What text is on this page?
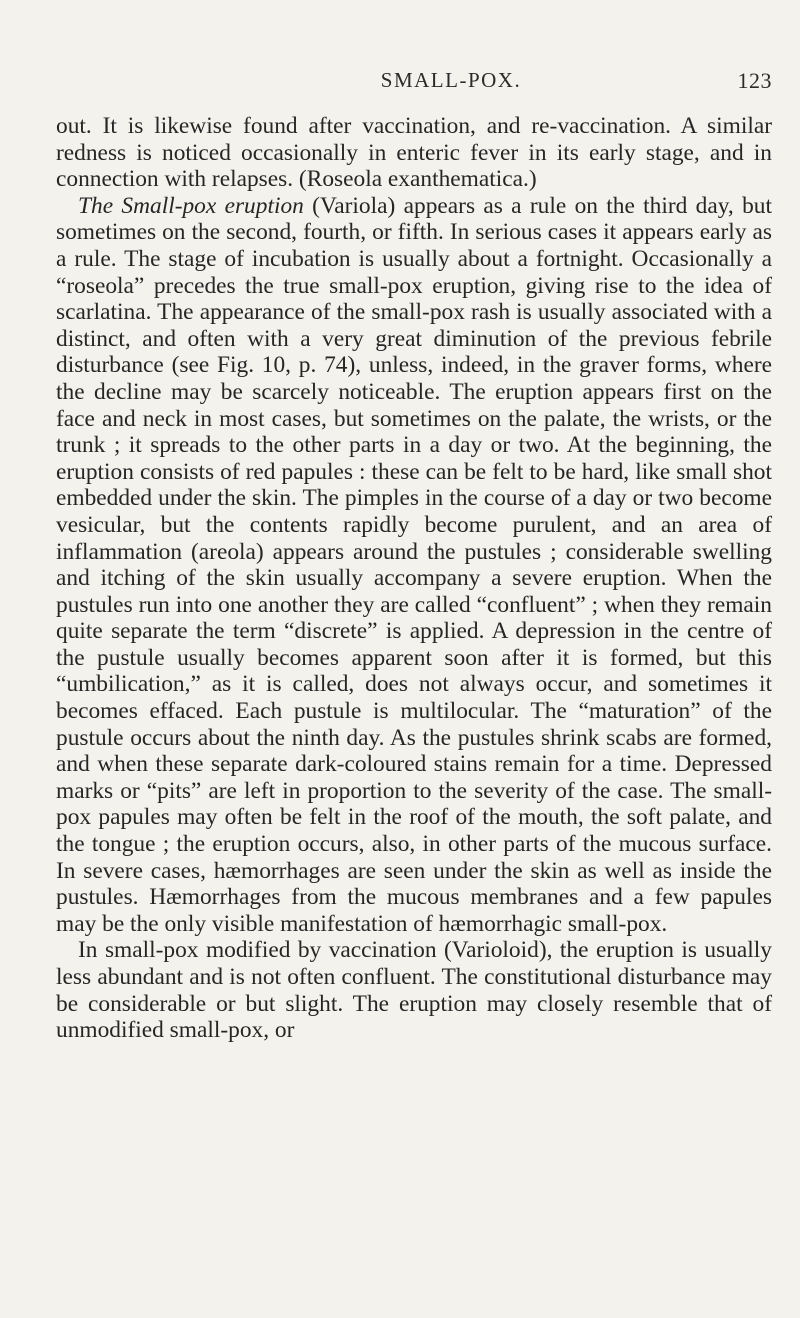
SMALL-POX.	123

out. It is likewise found after vaccination, and re-vaccination. A similar redness is noticed occasionally in enteric fever in its early stage, and in connection with relapses. (Roseola exanthematica.)

The Small-pox eruption (Variola) appears as a rule on the third day, but sometimes on the second, fourth, or fifth. In serious cases it appears early as a rule. The stage of incubation is usually about a fortnight. Occasionally a “roseola” precedes the true small-pox eruption, giving rise to the idea of scarlatina. The appearance of the small-pox rash is usually associated with a distinct, and often with a very great diminution of the previous febrile disturbance (see Fig. 10, p. 74), unless, indeed, in the graver forms, where the decline may be scarcely noticeable. The eruption appears first on the face and neck in most cases, but sometimes on the palate, the wrists, or the trunk ; it spreads to the other parts in a day or two. At the beginning, the eruption consists of red papules : these can be felt to be hard, like small shot embedded under the skin. The pimples in the course of a day or two become vesicular, but the contents rapidly become purulent, and an area of inflammation (areola) appears around the pustules ; considerable swelling and itching of the skin usually accompany a severe eruption. When the pustules run into one another they are called “confluent” ; when they remain quite separate the term “discrete” is applied. A depression in the centre of the pustule usually becomes apparent soon after it is formed, but this “umbilication,” as it is called, does not always occur, and sometimes it becomes effaced. Each pustule is multilocular. The “maturation” of the pustule occurs about the ninth day. As the pustules shrink scabs are formed, and when these separate dark-coloured stains remain for a time. Depressed marks or “pits” are left in proportion to the severity of the case. The small-pox papules may often be felt in the roof of the mouth, the soft palate, and the tongue ; the eruption occurs, also, in other parts of the mucous surface. In severe cases, hæmorrhages are seen under the skin as well as inside the pustules. Hæmorrhages from the mucous membranes and a few papules may be the only visible manifestation of hæmorrhagic small-pox.

In small-pox modified by vaccination (Varioloid), the eruption is usually less abundant and is not often confluent. The constitutional disturbance may be considerable or but slight. The eruption may closely resemble that of unmodified small-pox, or
